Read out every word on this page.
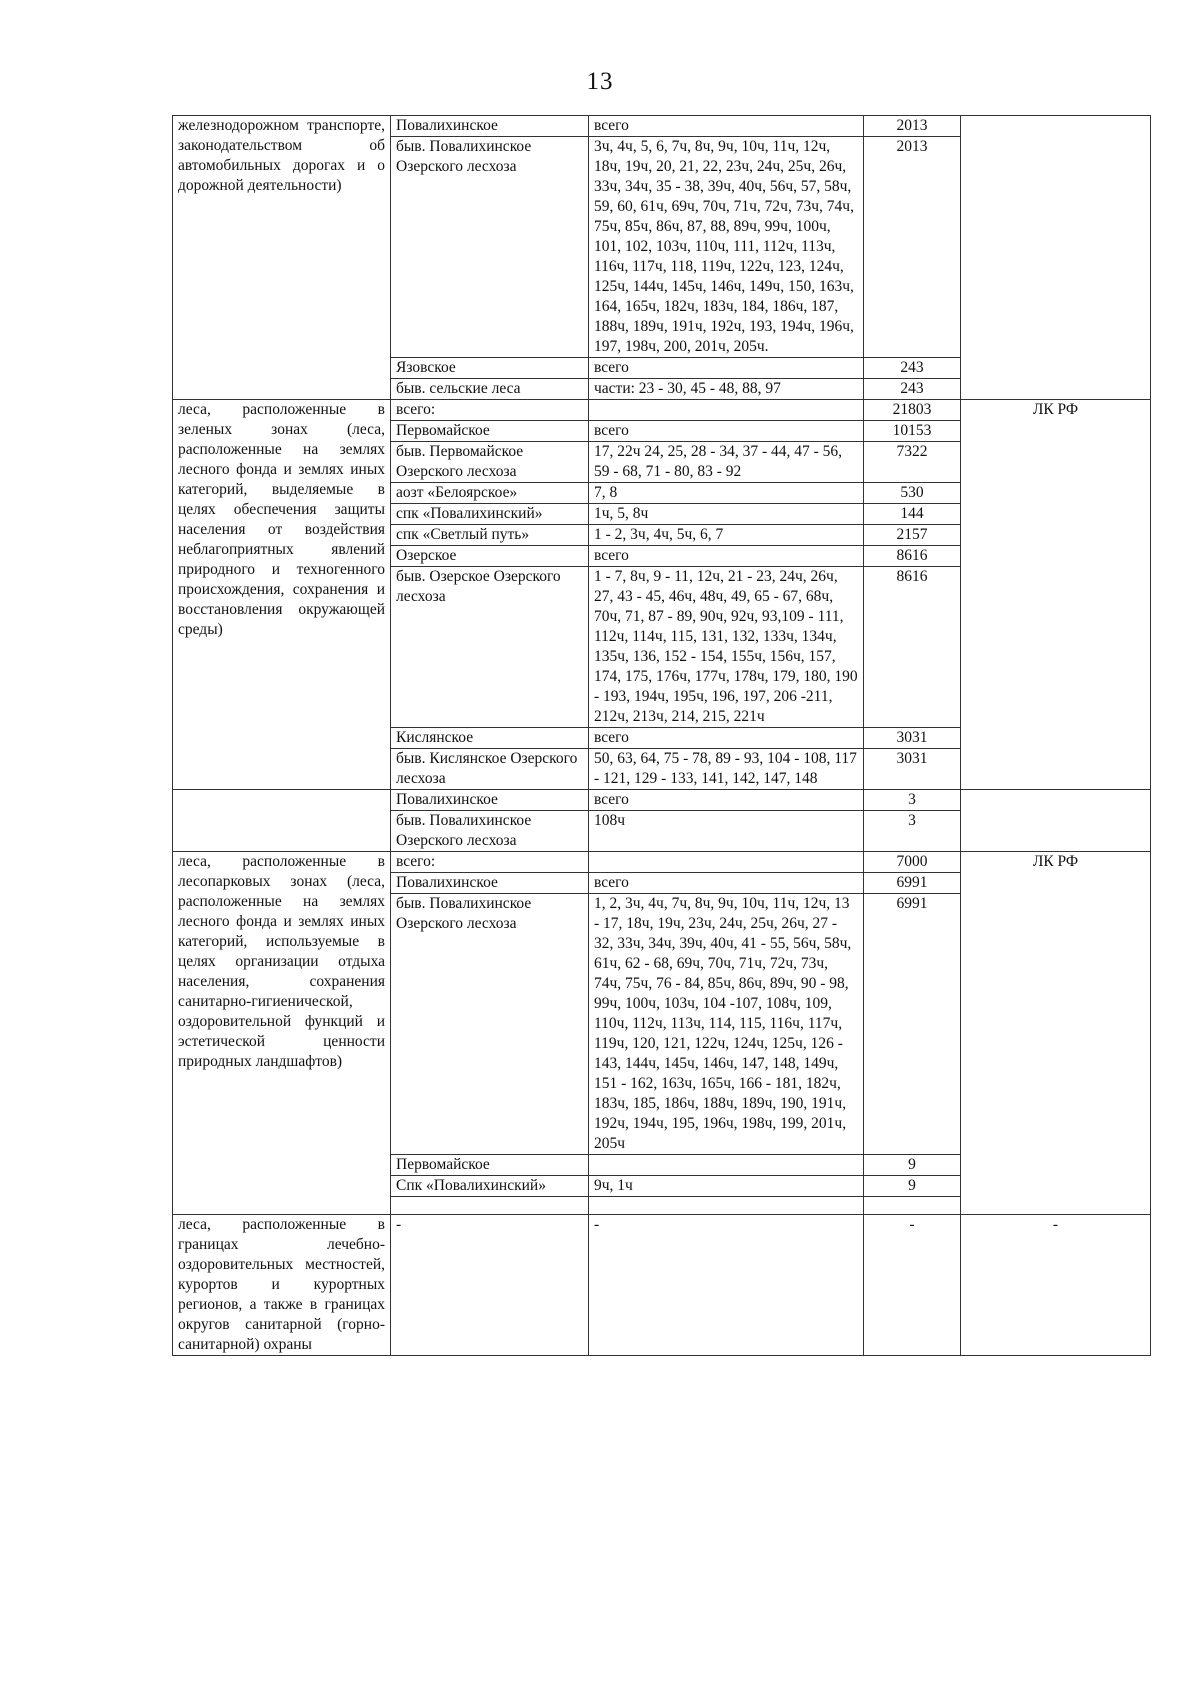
13
железнодорожном транспорте, законодательством об автомобильных дорогах и о дорожной деятельности)	Повалихинское	всего	2013	
	быв. Повалихинское Озерского лесхоза	3ч, 4ч, 5, 6, 7ч, 8ч, 9ч, 10ч, 11ч, 12ч, 18ч, 19ч, 20, 21, 22, 23ч, 24ч, 25ч, 26ч, 33ч, 34ч, 35 - 38, 39ч, 40ч, 56ч, 57, 58ч, 59, 60, 61ч, 69ч, 70ч, 71ч, 72ч, 73ч, 74ч, 75ч, 85ч, 86ч, 87, 88, 89ч, 99ч, 100ч, 101, 102, 103ч, 110ч, 111, 112ч, 113ч, 116ч, 117ч, 118, 119ч, 122ч, 123, 124ч, 125ч, 144ч, 145ч, 146ч, 149ч, 150, 163ч, 164, 165ч, 182ч, 183ч, 184, 186ч, 187, 188ч, 189ч, 191ч, 192ч, 193, 194ч, 196ч, 197, 198ч, 200, 201ч, 205ч.	2013	
	Язовское	всего	243	
	быв. сельские леса	части: 23 - 30, 45 - 48, 88, 97	243	
леса, расположенные в зеленых зонах (леса, расположенные на землях лесного фонда и землях иных категорий, выделяемые в целях обеспечения защиты населения от воздействия неблагоприятных явлений природного и техногенного происхождения, сохранения и восстановления окружающей среды)	всего:		21803	ЛК РФ
	Первомайское	всего	10153	
	быв. Первомайское Озерского лесхоза	17, 22ч 24, 25, 28 - 34, 37 - 44, 47 - 56, 59 - 68, 71 - 80, 83 - 92	7322	
	аозт «Белоярское»	7, 8	530	
	спк «Повалихинский»	1ч, 5, 8ч	144	
	спк «Светлый путь»	1 - 2, 3ч, 4ч, 5ч, 6, 7	2157	
	Озерское	всего	8616	
	быв. Озерское Озерского лесхоза	1 - 7, 8ч, 9 - 11, 12ч, 21 - 23, 24ч, 26ч, 27, 43 - 45, 46ч, 48ч, 49, 65 - 67, 68ч, 70ч, 71, 87 - 89, 90ч, 92ч, 93,109 - 111, 112ч, 114ч, 115, 131, 132, 133ч, 134ч, 135ч, 136, 152 - 154, 155ч, 156ч, 157, 174, 175, 176ч, 177ч, 178ч, 179, 180, 190 - 193, 194ч, 195ч, 196, 197, 206 -211, 212ч, 213ч, 214, 215, 221ч	8616	
	Кислянское	всего	3031	
	быв. Кислянское Озерского лесхоза	50, 63, 64, 75 - 78, 89 - 93, 104 - 108, 117 - 121, 129 - 133, 141, 142, 147, 148	3031	
	Повалихинское	всего	3	
	быв. Повалихинское Озерского лесхоза	108ч	3	
леса, расположенные в лесопарковых зонах (леса, расположенные на землях лесного фонда и землях иных категорий, используемые в целях организации отдыха населения, сохранения санитарно-гигиенической, оздоровительной функций и эстетической ценности природных ландшафтов)	всего:		7000	ЛК РФ
	Повалихинское	всего	6991	
	быв. Повалихинское Озерского лесхоза	1, 2, 3ч, 4ч, 7ч, 8ч, 9ч, 10ч, 11ч, 12ч, 13 - 17, 18ч, 19ч, 23ч, 24ч, 25ч, 26ч, 27 - 32, 33ч, 34ч, 39ч, 40ч, 41 - 55, 56ч, 58ч, 61ч, 62 - 68, 69ч, 70ч, 71ч, 72ч, 73ч, 74ч, 75ч, 76 - 84, 85ч, 86ч, 89ч, 90 - 98, 99ч, 100ч, 103ч, 104 -107, 108ч, 109, 110ч, 112ч, 113ч, 114, 115, 116ч, 117ч, 119ч, 120, 121, 122ч, 124ч, 125ч, 126 - 143, 144ч, 145ч, 146ч, 147, 148, 149ч, 151 - 162, 163ч, 165ч, 166 - 181, 182ч, 183ч, 185, 186ч, 188ч, 189ч, 190, 191ч, 192ч, 194ч, 195, 196ч, 198ч, 199, 201ч, 205ч	6991	
	Первомайское		9	
	Спк «Повалихинский»	9ч, 1ч	9	

леса, расположенные в границах лечебно-оздоровительных местностей, курортов и курортных регионов, а также в границах округов санитарной (горно-санитарной) охраны	-	-	-	-
